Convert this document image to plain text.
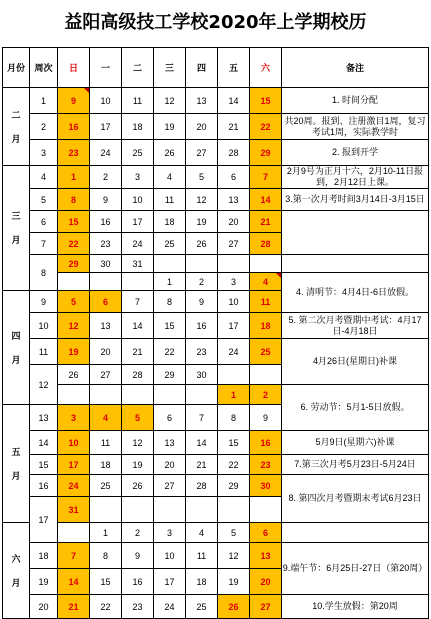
益阳高级技工学校2020年上学期校历
月份	周次	日	一	二	三	四	五	六	备注

二
月	1	9	10	11	12	13	14	15	1. 时间分配
	2	16	17	18	19	20	21	22	共20周。报到、注册激目1周，复习考试1周，实际教学时
	3	23	24	25	26	27	28	29	2. 报到开学

三
月	4	1	2	3	4	5	6	7	2月9号为正月十六，2月10-11日报到，2月12日上课。
	5	8	9	10	11	12	13	14	3.第一次月考时间3月14日-3月15日
	6	15	16	17	18	19	20	21	
	7	22	23	24	25	26	27	28	
	8	29	30	31					
					1	2	3	4	4. 清明节：4月4日-6日放假。

四
月	9	5	6	7	8	9	10	11	
	10	12	13	14	15	16	17	18	5. 第二次月考暨期中考试：4月17日-4月18日
	11	19	20	21	22	23	24	25	4月26日(星期日)补课
	12	26	27	28	29	30			
							1	2	6. 劳动节：5月1-5日放假。

五
月	13	3	4	5	6	7	8	9	
	14	10	11	12	13	14	15	16	5月9日(星期六)补课
	15	17	18	19	20	21	22	23	7.第三次月考5月23日-5月24日
	16	24	25	26	27	28	29	30	8. 第四次月考暨期末考试6月23日
	17	31							

六
月			1	2	3	4	5	6	
	18	7	8	9	10	11	12	13	9.端午节：6月25日-27日（第20周）
	19	14	15	16	17	18	19	20	
	20	21	22	23	24	25	26	27	10.学生放假：第20周
